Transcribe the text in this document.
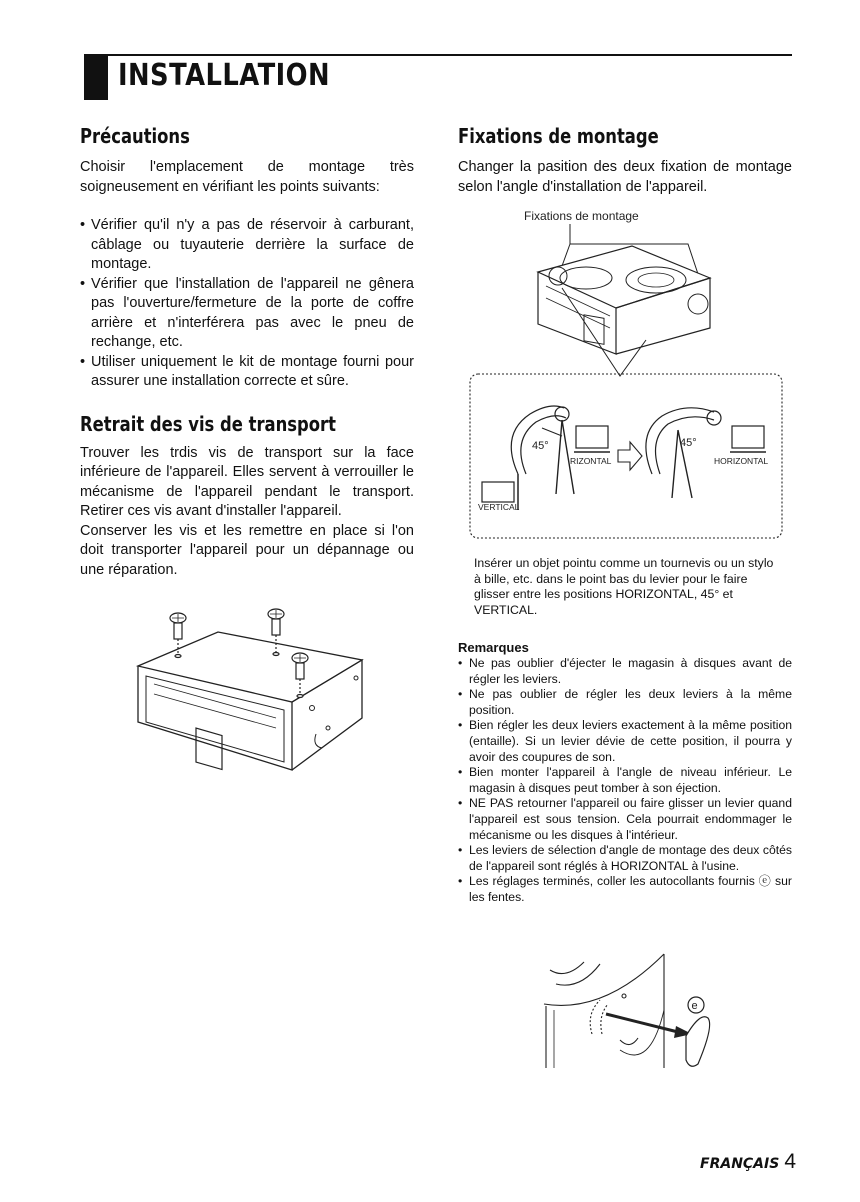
INSTALLATION
Précautions

Choisir l'emplacement de montage très soigneusement en vérifiant les points suivants:

• Vérifier qu'il n'y a pas de réservoir à carburant, câblage ou tuyauterie derrière la surface de montage.
• Vérifier que l'installation de l'appareil ne gênera pas l'ouverture/fermeture de la porte de coffre arrière et n'interférera pas avec le pneu de rechange, etc.
• Utiliser uniquement le kit de montage fourni pour assurer une installation correcte et sûre.
Retrait des vis de transport

Trouver les trdis vis de transport sur la face inférieure de l'appareil. Elles servent à verrouiller le mécanisme de l'appareil pendant le transport. Retirer ces vis avant d'installer l'appareil.

Conserver les vis et les remettre en place si l'on doit transporter l'appareil pour un dépannage ou une réparation.

Fixations de montage

Changer la pasition des deux fixation de montage selon l'angle d'installation de l'appareil.

Fixations de montage
45°
RIZONTAL
VERTICAL
45°
HORIZONTAL

Insérer un objet pointu comme un tournevis ou un stylo à bille, etc. dans le point bas du levier pour le faire glisser entre les positions HORIZONTAL, 45° et VERTICAL.

Remarques
• Ne pas oublier d'éjecter le magasin à disques avant de régler les leviers.
• Ne pas oublier de régler les deux leviers à la même position.
• Bien régler les deux leviers exactement à la même position (entaille). Si un levier dévie de cette position, il pourra y avoir des coupures de son.
• Bien monter l'appareil à l'angle de niveau inférieur. Le magasin à disques peut tomber à son éjection.
• NE PAS retourner l'appareil ou faire glisser un levier quand l'appareil est sous tension. Cela pourrait endommager le mécanisme ou les disques à l'intérieur.
• Les leviers de sélection d'angle de montage des deux côtés de l'appareil sont réglés à HORIZONTAL à l'usine.
• Les réglages terminés, coller les autocollants fournis ⓔ sur les fentes.
e
FRANÇAIS 4
